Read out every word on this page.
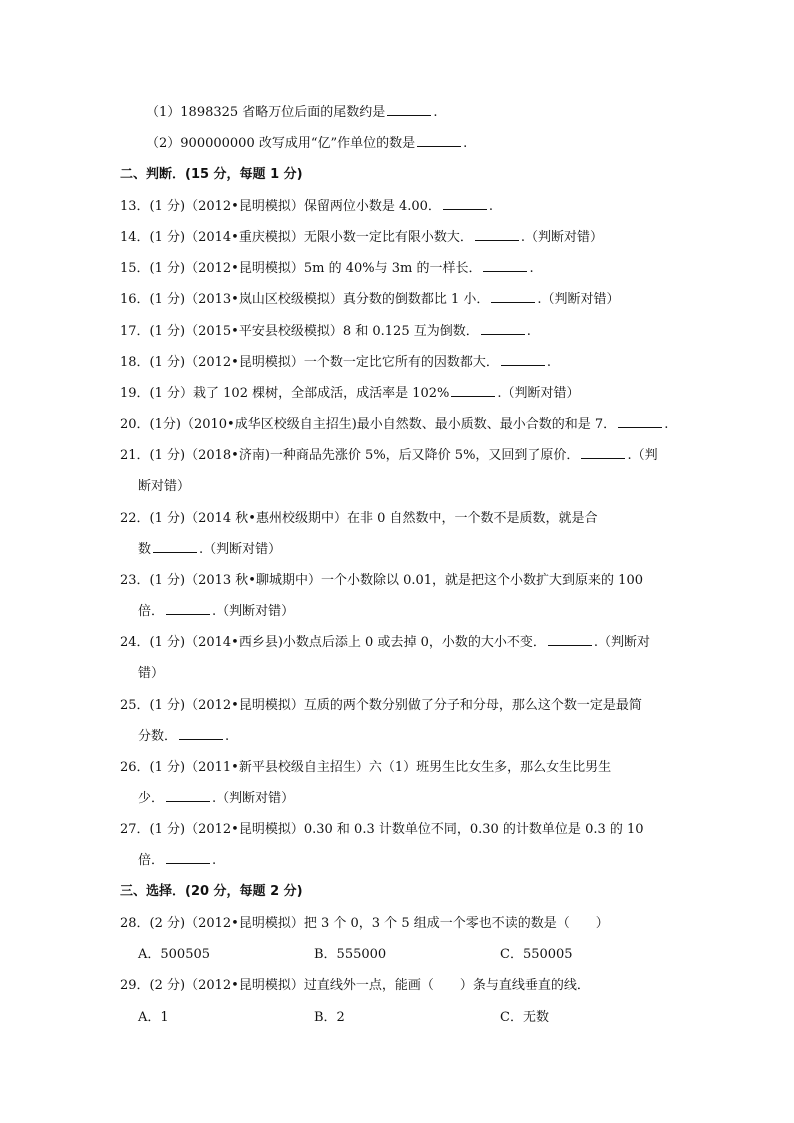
（1）1898325 省略万位后面的尾数约是	.
（2）900000000 改写成用“亿”作单位的数是	.
二、判断．(15 分，每题 1 分)
13．(1 分)（2012•昆明模拟）保留两位小数是 4.00．	.
14．(1 分)（2014•重庆模拟）无限小数一定比有限小数大．	.（判断对错）
15．(1 分)（2012•昆明模拟）5m 的 40%与 3m 的一样长．	.
16．(1 分)（2013•岚山区校级模拟）真分数的倒数都比 1 小．	.（判断对错）
17．(1 分)（2015•平安县校级模拟）8 和 0.125 互为倒数．	.
18．(1 分)（2012•昆明模拟）一个数一定比它所有的因数都大．	.
19．(1 分）栽了 102 棵树，全部成活，成活率是 102%	.（判断对错）
20．(1分)（2010•成华区校级自主招生)最小自然数、最小质数、最小合数的和是 7．	.
21．(1 分)（2018•济南)一种商品先涨价 5%，后又降价 5%，又回到了原价．	.（判
断对错）
22．(1 分)（2014 秋•惠州校级期中）在非 0 自然数中，一个数不是质数，就是合
数	.（判断对错）
23．(1 分)（2013 秋•聊城期中）一个小数除以 0.01，就是把这个小数扩大到原来的 100
倍．	.（判断对错）
24．(1 分)（2014•西乡县)小数点后添上 0 或去掉 0，小数的大小不变．	.（判断对
错）
25．(1 分)（2012•昆明模拟）互质的两个数分别做了分子和分母，那么这个数一定是最简
分数．	.
26．(1 分)（2011•新平县校级自主招生）六（1）班男生比女生多，那么女生比男生
少．	.（判断对错）
27．(1 分)（2012•昆明模拟）0.30 和 0.3 计数单位不同，0.30 的计数单位是 0.3 的 10
倍．	.
三、选择．(20 分，每题 2 分)
28．(2 分)（2012•昆明模拟）把 3 个 0，3 个 5 组成一个零也不读的数是（　　）
A．500505	B．555000	C．550005
29．(2 分)（2012•昆明模拟）过直线外一点，能画（　　）条与直线垂直的线．
A．1	B．2	C．无数
